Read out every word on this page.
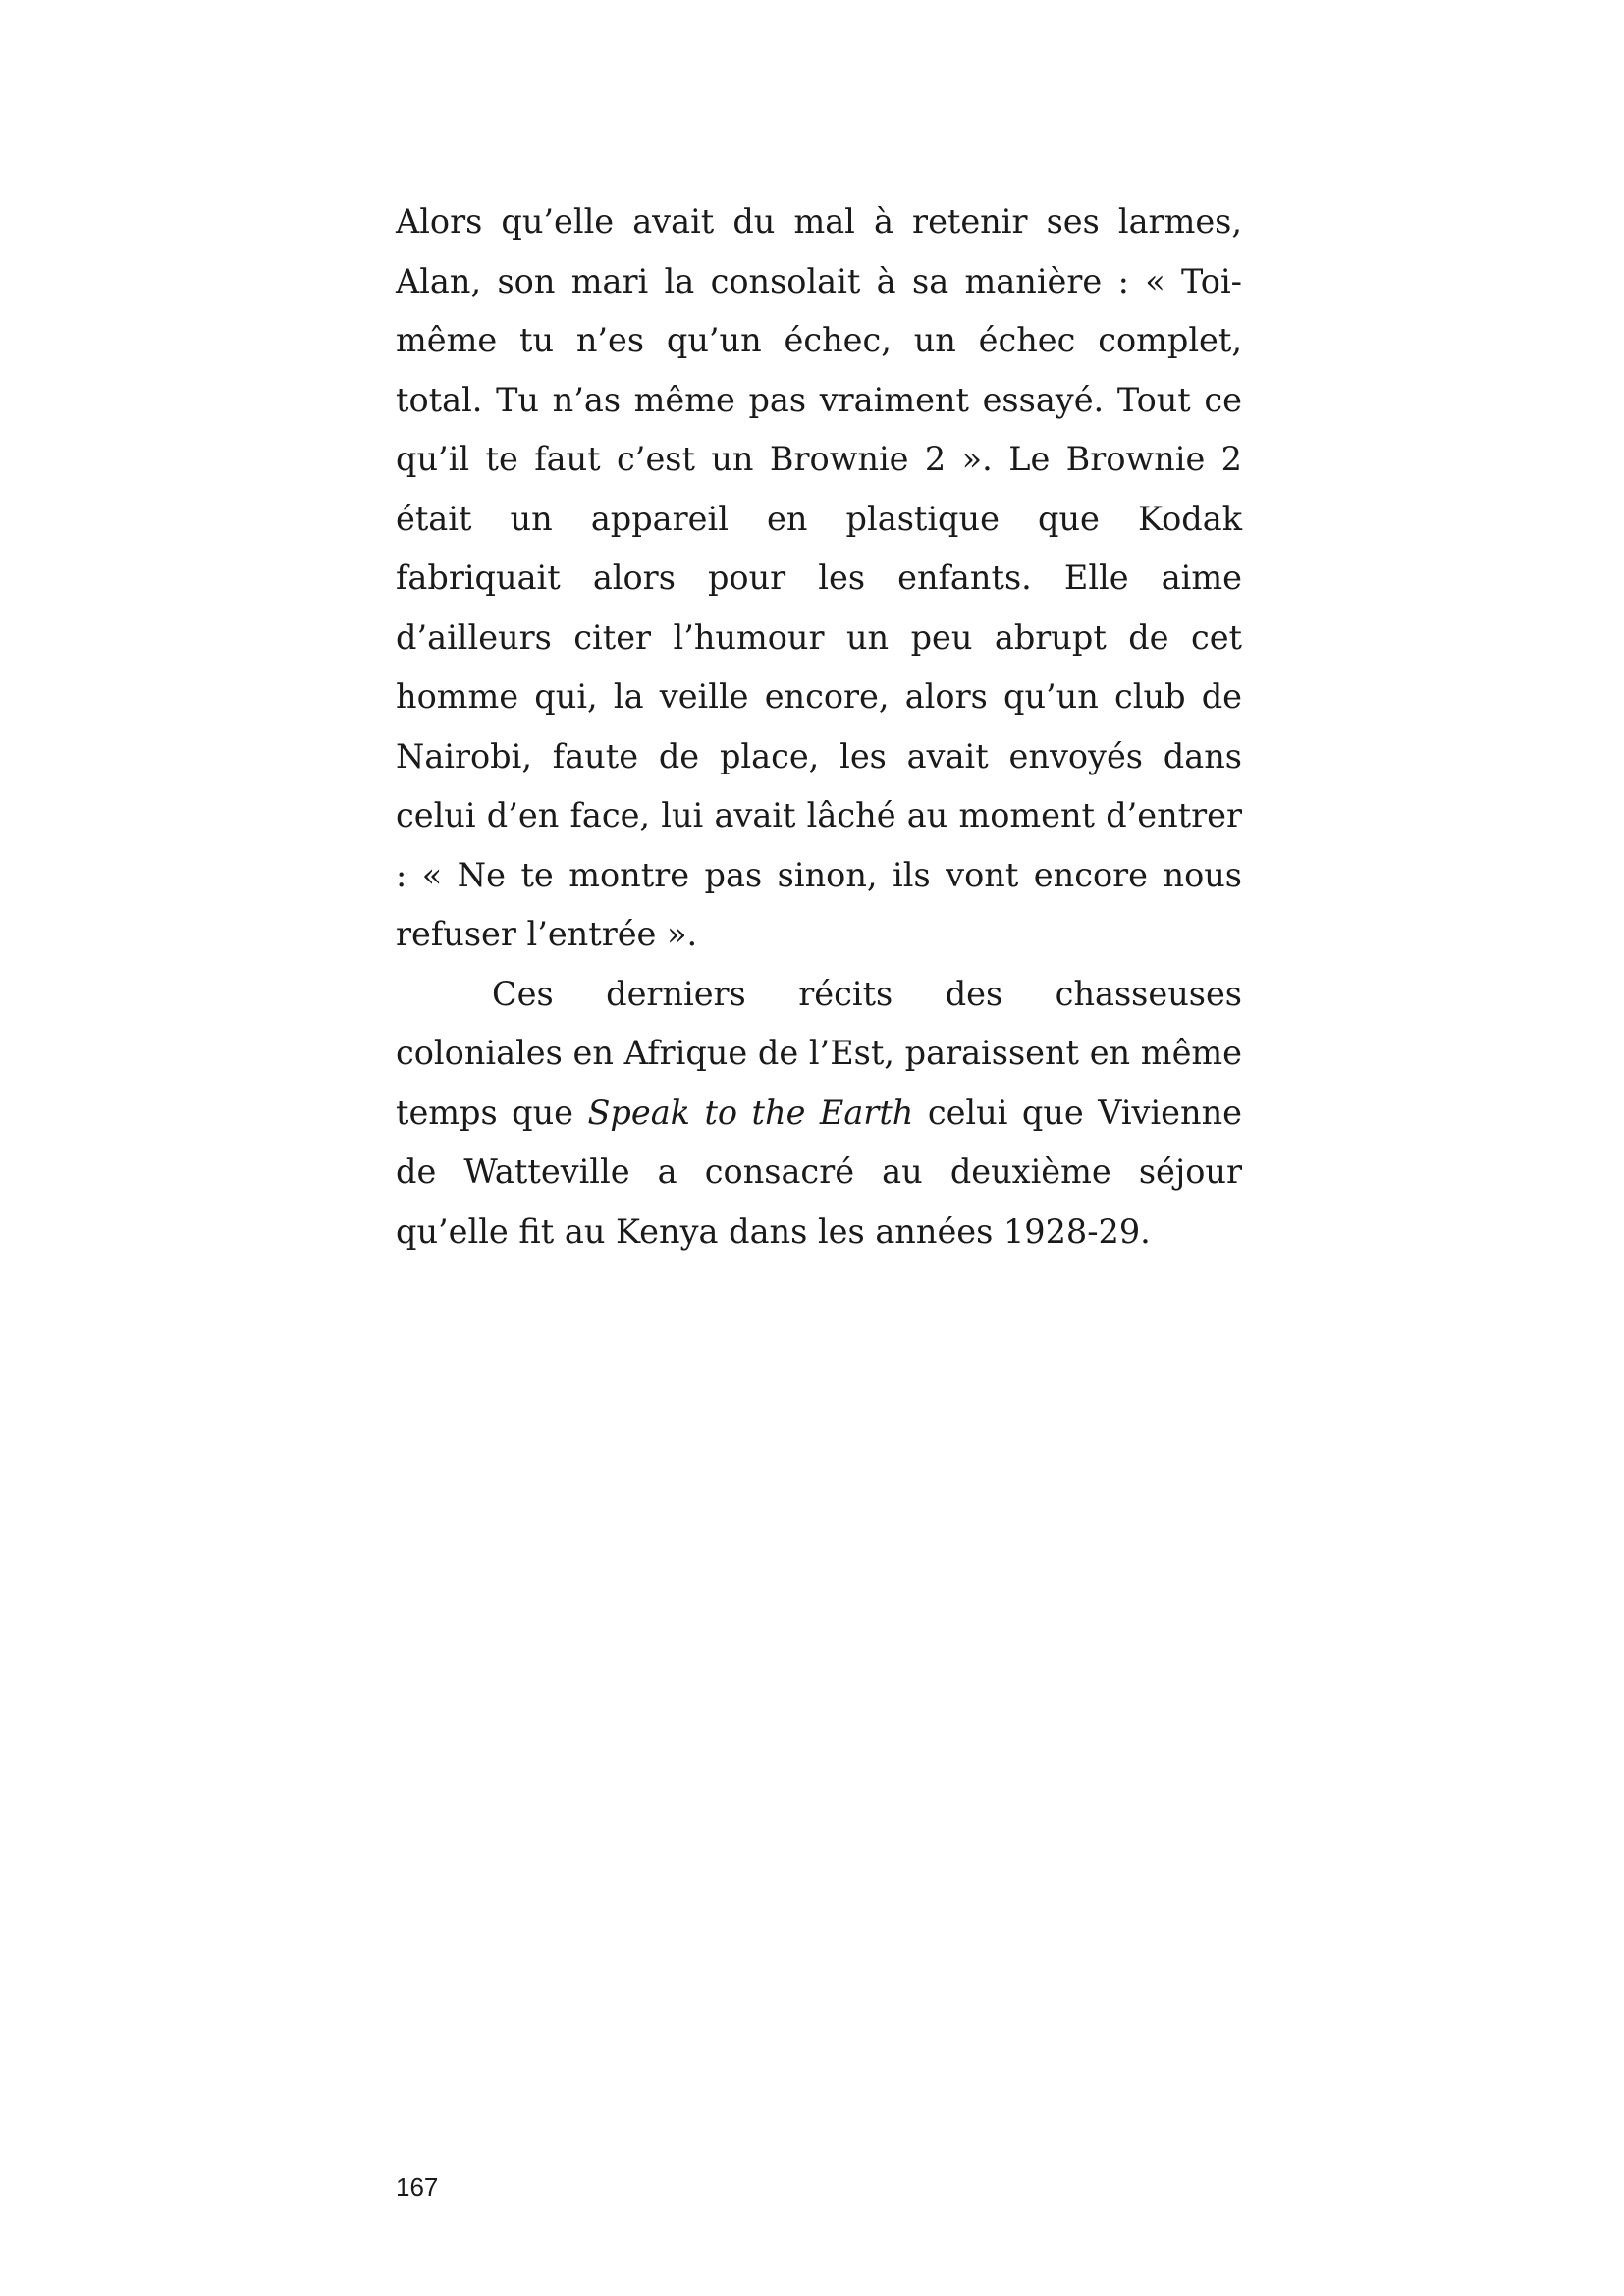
Alors qu’elle avait du mal à retenir ses larmes, Alan, son mari la consolait à sa manière : « Toi-même tu n’es qu’un échec, un échec complet, total. Tu n’as même pas vraiment essayé. Tout ce qu’il te faut c’est un Brownie 2 ». Le Brownie 2 était un appareil en plastique que Kodak fabriquait alors pour les enfants. Elle aime d’ailleurs citer l’humour un peu abrupt de cet homme qui, la veille encore, alors qu’un club de Nairobi, faute de place, les avait envoyés dans celui d’en face, lui avait lâché au moment d’entrer : « Ne te montre pas sinon, ils vont encore nous refuser l’entrée ».

Ces derniers récits des chasseuses coloniales en Afrique de l’Est, paraissent en même temps que Speak to the Earth celui que Vivienne de Watteville a consacré au deuxième séjour qu’elle fit au Kenya dans les années 1928-29.

167
